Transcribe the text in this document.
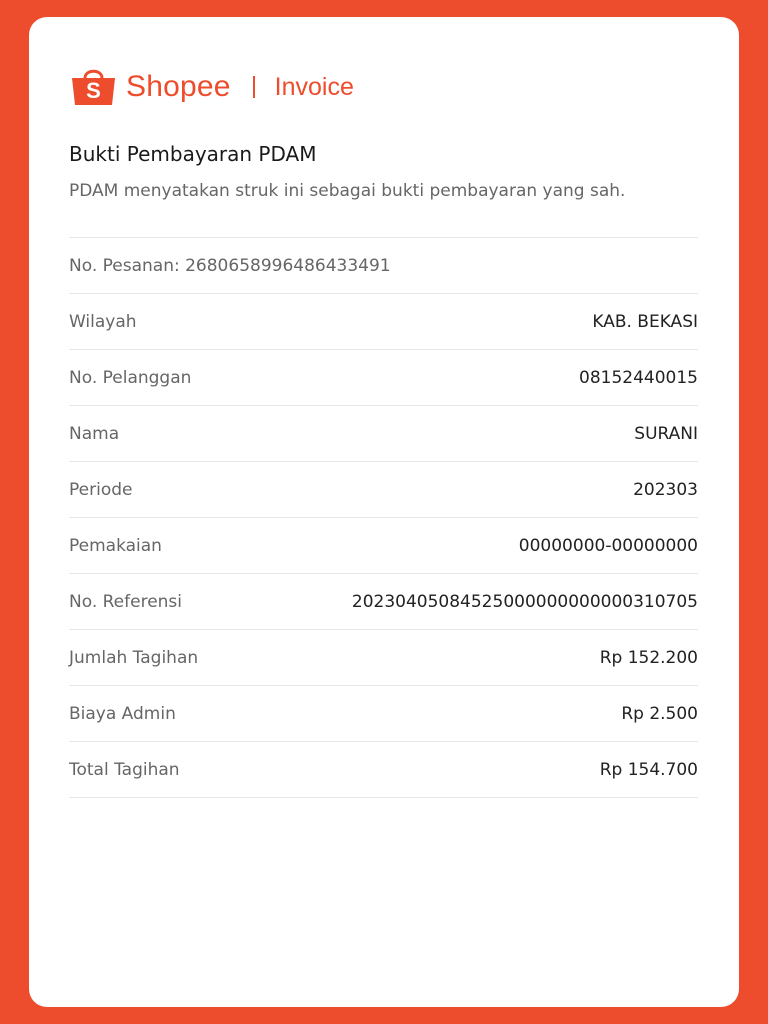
S Shopee Invoice
Bukti Pembayaran PDAM
PDAM menyatakan struk ini sebagai bukti pembayaran yang sah.
No. Pesanan: 2680658996486433491
Wilayah	KAB. BEKASI
No. Pelanggan	08152440015
Nama	SURANI
Periode	202303
Pemakaian	00000000-00000000
No. Referensi	20230405084525000000000000310705
Jumlah Tagihan	Rp 152.200
Biaya Admin	Rp 2.500
Total Tagihan	Rp 154.700
